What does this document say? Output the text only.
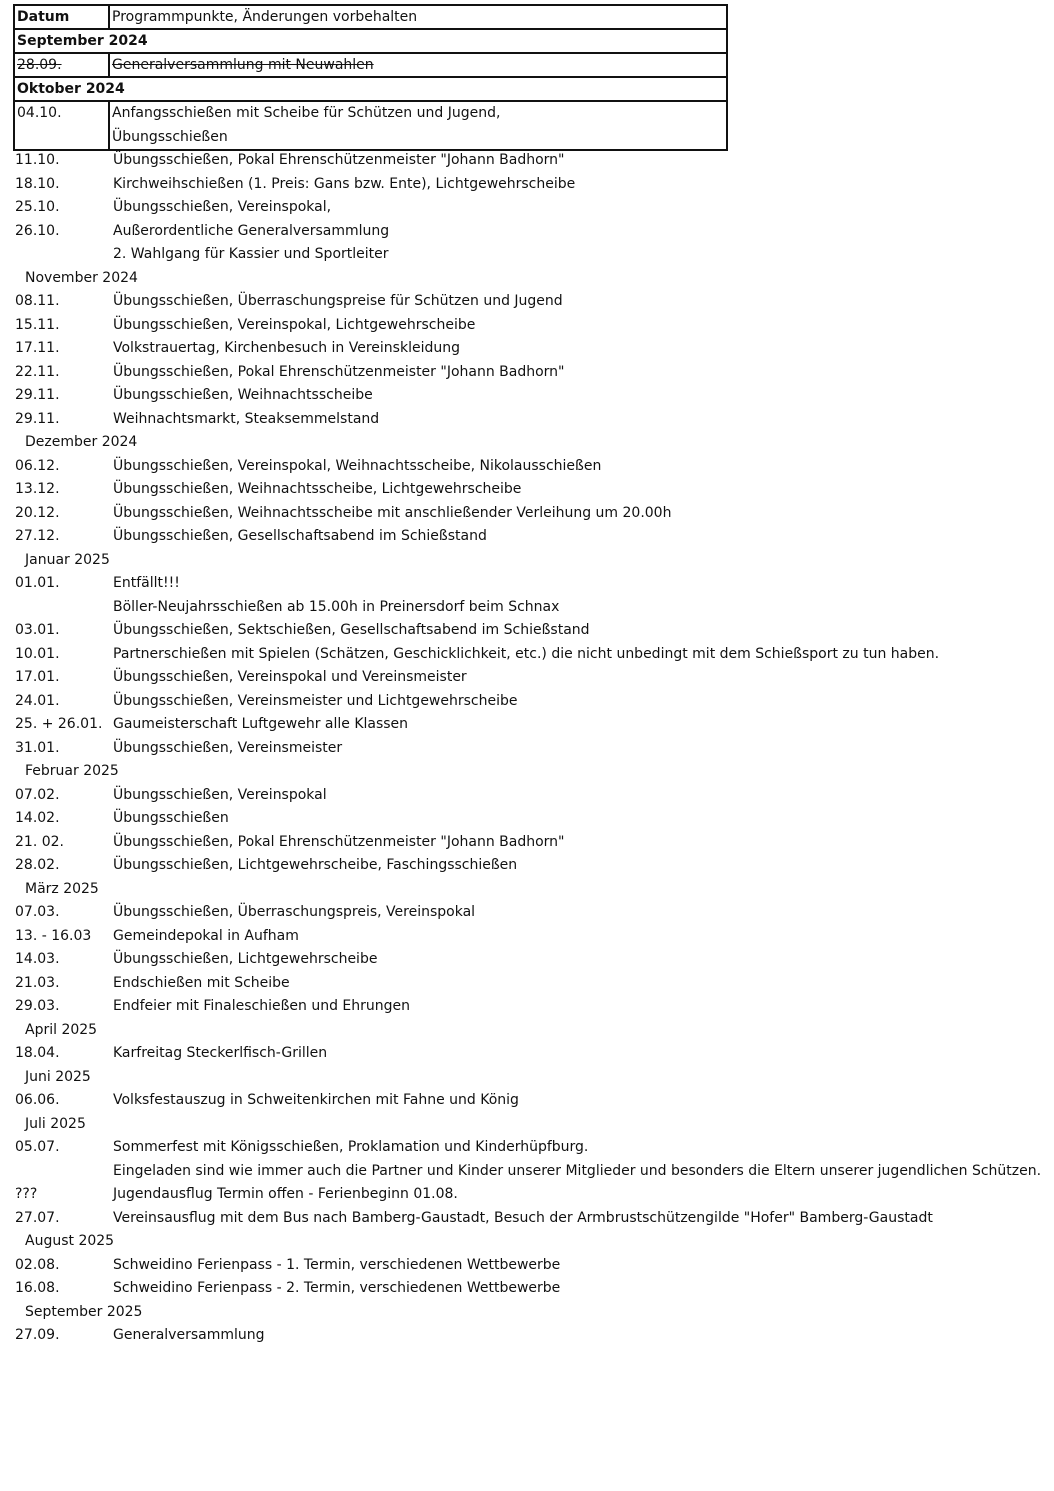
Datum	Programmpunkte, Änderungen vorbehalten
September 2024
28.09.	Generalversammlung mit Neuwahlen
Oktober 2024
04.10.	Anfangsschießen mit Scheibe für Schützen und Jugend,
Übungsschießen
11.10.	Übungsschießen, Pokal Ehrenschützenmeister "Johann Badhorn"
18.10.	Kirchweihschießen (1. Preis: Gans bzw. Ente), Lichtgewehrscheibe
25.10.	Übungsschießen, Vereinspokal,
26.10.	Außerordentliche Generalversammlung
2. Wahlgang für Kassier und Sportleiter
November 2024
08.11.	Übungsschießen, Überraschungspreise für Schützen und Jugend
15.11.	Übungsschießen, Vereinspokal, Lichtgewehrscheibe
17.11.	Volkstrauertag, Kirchenbesuch in Vereinskleidung
22.11.	Übungsschießen, Pokal Ehrenschützenmeister "Johann Badhorn"
29.11.	Übungsschießen, Weihnachtsscheibe
29.11.	Weihnachtsmarkt, Steaksemmelstand
Dezember 2024
06.12.	Übungsschießen, Vereinspokal, Weihnachtsscheibe, Nikolausschießen
13.12.	Übungsschießen, Weihnachtsscheibe, Lichtgewehrscheibe
20.12.	Übungsschießen, Weihnachtsscheibe mit anschließender Verleihung um 20.00h
27.12.	Übungsschießen, Gesellschaftsabend im Schießstand
Januar 2025
01.01.	Entfällt!!!
Böller-Neujahrsschießen ab 15.00h in Preinersdorf beim Schnax
03.01.	Übungsschießen, Sektschießen, Gesellschaftsabend im Schießstand
10.01.	Partnerschießen mit Spielen (Schätzen, Geschicklichkeit, etc.) die nicht unbedingt mit dem Schießsport zu tun haben.
17.01.	Übungsschießen, Vereinspokal und Vereinsmeister
24.01.	Übungsschießen, Vereinsmeister und Lichtgewehrscheibe
25. + 26.01. Gaumeisterschaft Luftgewehr alle Klassen
31.01.	Übungsschießen, Vereinsmeister
Februar 2025
07.02.	Übungsschießen, Vereinspokal
14.02.	Übungsschießen
21. 02.	Übungsschießen, Pokal Ehrenschützenmeister "Johann Badhorn"
28.02.	Übungsschießen, Lichtgewehrscheibe, Faschingsschießen
März 2025
07.03.	Übungsschießen, Überraschungspreis, Vereinspokal
13. - 16.03	Gemeindepokal in Aufham
14.03.	Übungsschießen, Lichtgewehrscheibe
21.03.	Endschießen mit Scheibe
29.03.	Endfeier mit Finaleschießen und Ehrungen
April 2025
18.04.	Karfreitag Steckerlfisch-Grillen
Juni 2025
06.06.	Volksfestauszug in Schweitenkirchen mit Fahne und König
Juli 2025
05.07.	Sommerfest mit Königsschießen, Proklamation und Kinderhüpfburg.
Eingeladen sind wie immer auch die Partner und Kinder unserer Mitglieder und besonders die Eltern unserer jugendlichen Schützen.
???	Jugendausflug Termin offen - Ferienbeginn 01.08.
27.07.	Vereinsausflug mit dem Bus nach Bamberg-Gaustadt, Besuch der Armbrustschützengilde "Hofer" Bamberg-Gaustadt
August 2025
02.08.	Schweidino Ferienpass - 1. Termin, verschiedenen Wettbewerbe
16.08.	Schweidino Ferienpass - 2. Termin, verschiedenen Wettbewerbe
September 2025
27.09.	Generalversammlung
